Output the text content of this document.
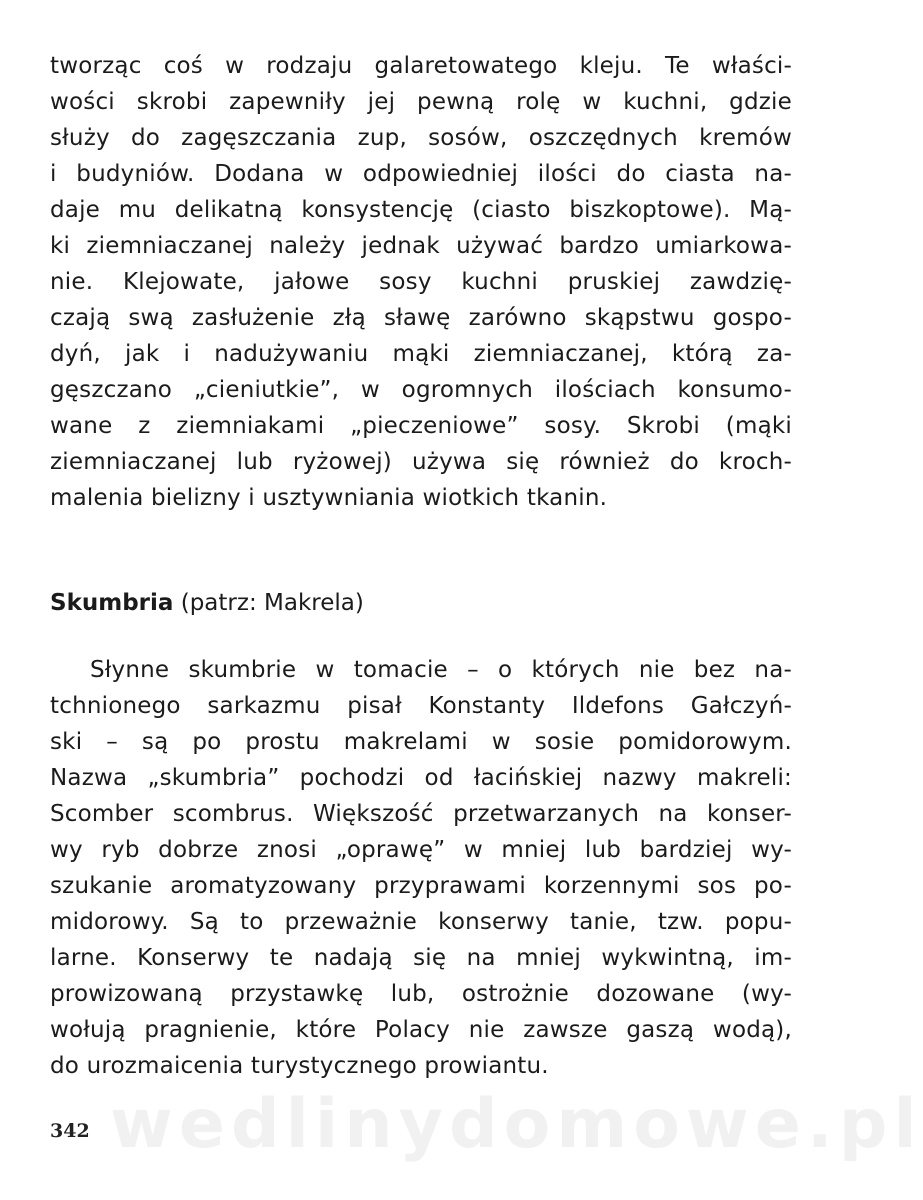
tworząc coś w rodzaju galaretowatego kleju. Te właści-
wości skrobi zapewniły jej pewną rolę w kuchni, gdzie
służy do zagęszczania zup, sosów, oszczędnych kremów
i budyniów. Dodana w odpowiedniej ilości do ciasta na-
daje mu delikatną konsystencję (ciasto biszkoptowe). Mą-
ki ziemniaczanej należy jednak używać bardzo umiarkowa-
nie. Klejowate, jałowe sosy kuchni pruskiej zawdzię-
czają swą zasłużenie złą sławę zarówno skąpstwu gospo-
dyń, jak i nadużywaniu mąki ziemniaczanej, którą za-
gęszczano „cieniutkie”, w ogromnych ilościach konsumo-
wane z ziemniakami „pieczeniowe” sosy. Skrobi (mąki
ziemniaczanej lub ryżowej) używa się również do kroch-
malenia bielizny i usztywniania wiotkich tkanin.
Skumbria (patrz: Makrela)
Słynne skumbrie w tomacie – o których nie bez na-
tchnionego sarkazmu pisał Konstanty Ildefons Gałczyń-
ski – są po prostu makrelami w sosie pomidorowym.
Nazwa „skumbria” pochodzi od łacińskiej nazwy makreli:
Scomber scombrus. Większość przetwarzanych na konser-
wy ryb dobrze znosi „oprawę” w mniej lub bardziej wy-
szukanie aromatyzowany przyprawami korzennymi sos po-
midorowy. Są to przeważnie konserwy tanie, tzw. popu-
larne. Konserwy te nadają się na mniej wykwintną, im-
prowizowaną przystawkę lub, ostrożnie dozowane (wy-
wołują pragnienie, które Polacy nie zawsze gaszą wodą),
do urozmaicenia turystycznego prowiantu.
wedlinydomowe.pl
342
